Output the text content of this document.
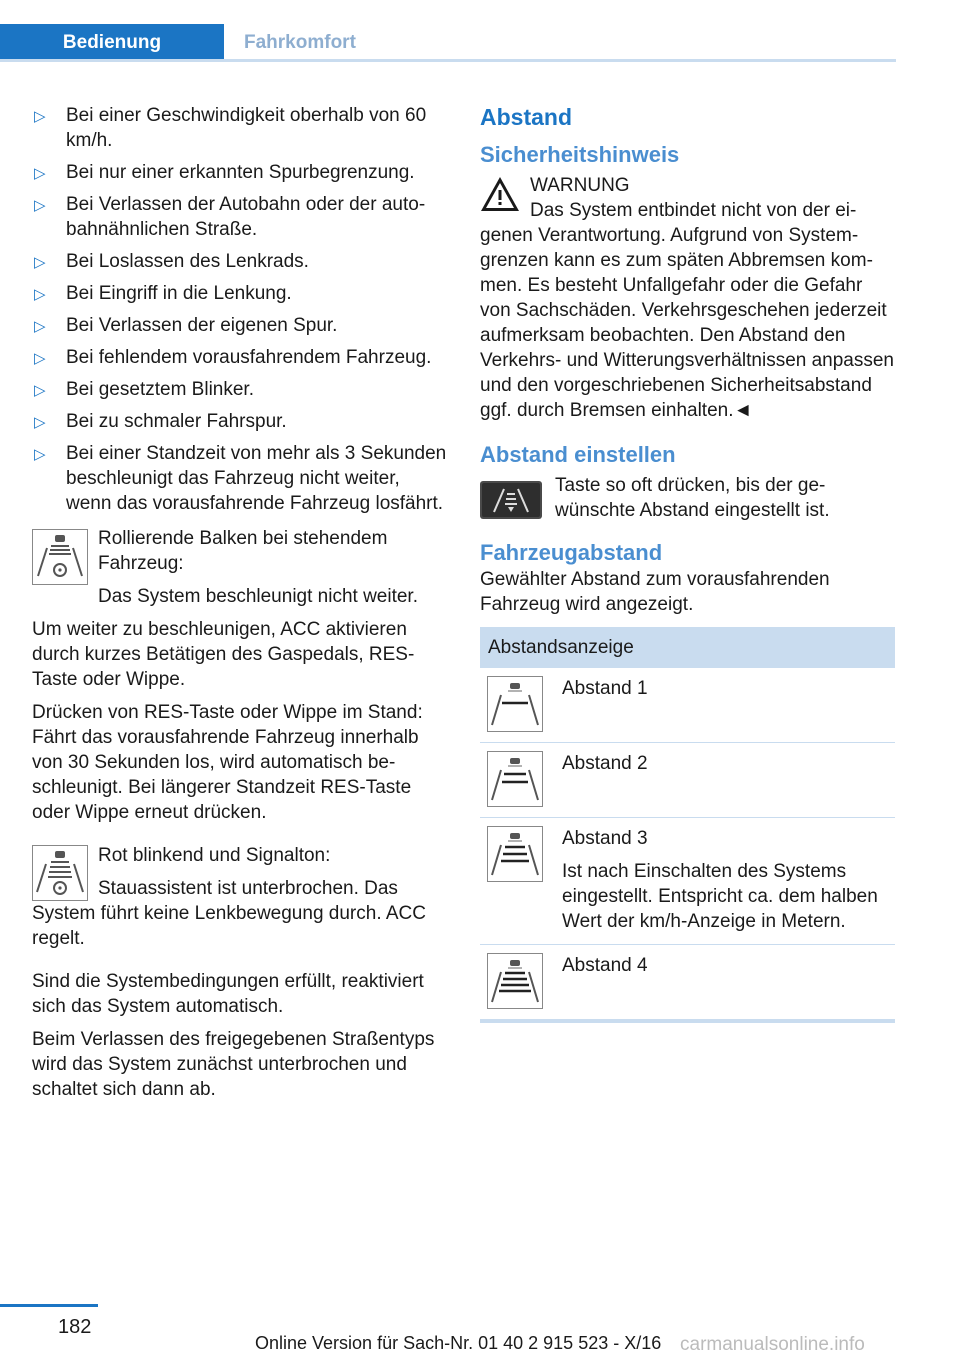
Bedienung	Fahrkomfort
▷ Bei einer Geschwindigkeit oberhalb von 60 km/h.
▷ Bei nur einer erkannten Spurbegrenzung.
▷ Bei Verlassen der Autobahn oder der autobahnähnlichen Straße.
▷ Bei Loslassen des Lenkrads.
▷ Bei Eingriff in die Lenkung.
▷ Bei Verlassen der eigenen Spur.
▷ Bei fehlendem vorausfahrendem Fahrzeug.
▷ Bei gesetztem Blinker.
▷ Bei zu schmaler Fahrspur.
▷ Bei einer Standzeit von mehr als 3 Sekunden beschleunigt das Fahrzeug nicht weiter, wenn das vorausfahrende Fahrzeug losfährt.

Rollierende Balken bei stehendem Fahrzeug:

Das System beschleunigt nicht weiter.

Um weiter zu beschleunigen, ACC aktivieren durch kurzes Betätigen des Gaspedals, RES-Taste oder Wippe.

Drücken von RES-Taste oder Wippe im Stand: Fährt das vorausfahrende Fahrzeug innerhalb von 30 Sekunden los, wird automatisch beschleunigt. Bei längerer Standzeit RES-Taste oder Wippe erneut drücken.

Rot blinkend und Signalton:

Stauassistent ist unterbrochen. Das System führt keine Lenkbewegung durch. ACC regelt.

Sind die Systembedingungen erfüllt, reaktiviert sich das System automatisch.

Beim Verlassen des freigegebenen Straßentyps wird das System zunächst unterbrochen und schaltet sich dann ab.

Abstand
Sicherheitshinweis

WARNUNG

Das System entbindet nicht von der eigenen Verantwortung. Aufgrund von Systemgrenzen kann es zum späten Abbremsen kommen. Es besteht Unfallgefahr oder die Gefahr von Sachschäden. Verkehrsgeschehen jederzeit aufmerksam beobachten. Den Abstand den Verkehrs- und Witterungsverhältnissen anpassen und den vorgeschriebenen Sicherheitsabstand ggf. durch Bremsen einhalten.◄

Abstand einstellen

Taste so oft drücken, bis der gewünschte Abstand eingestellt ist.

Fahrzeugabstand

Gewählter Abstand zum vorausfahrenden Fahrzeug wird angezeigt.

Abstandsanzeige	

	Abstand 1

	Abstand 2

Abstand 3

Ist nach Einschalten des Systems eingestellt. Entspricht ca. dem halben Wert der km/h-Anzeige in Metern.

	Abstand 4
182
Online Version für Sach-Nr. 01 40 2 915 523 - X/16 carmanualsonline.info
